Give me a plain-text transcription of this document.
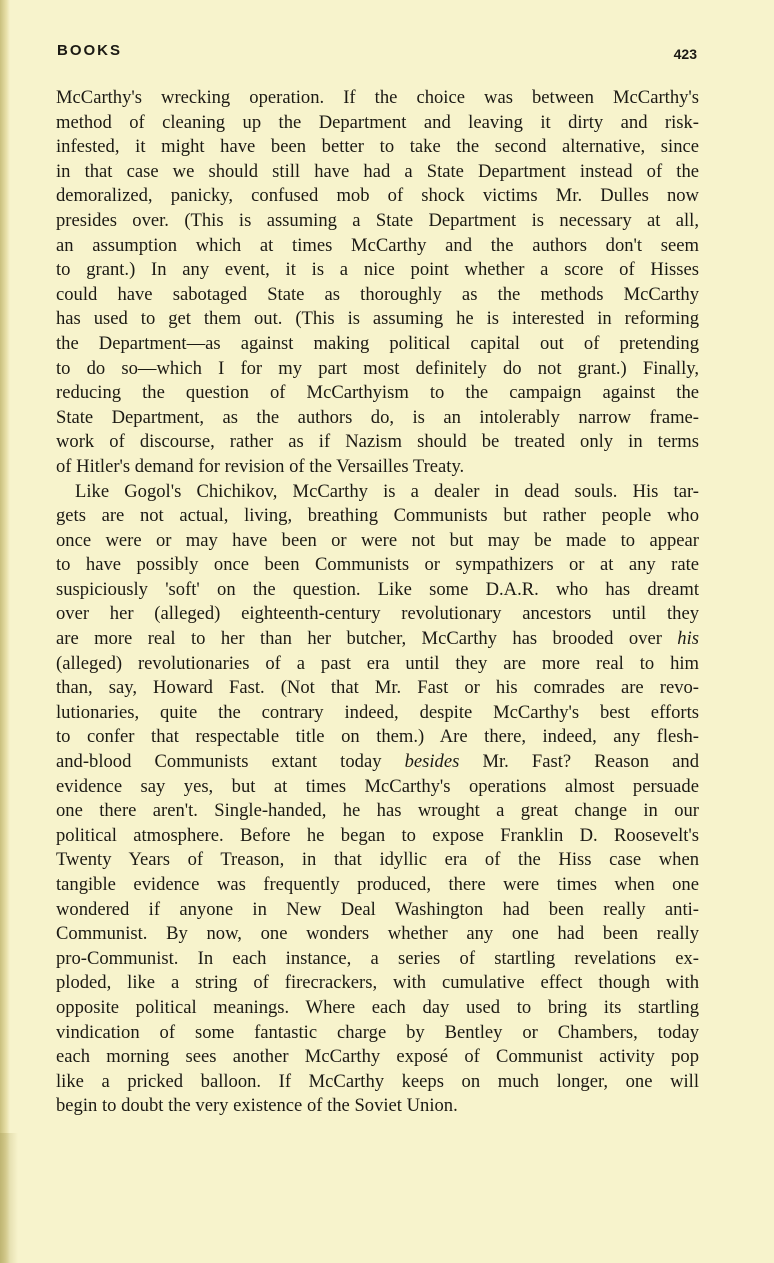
BOOKS	423
McCarthy's wrecking operation. If the choice was between McCarthy's
method of cleaning up the Department and leaving it dirty and risk-
infested, it might have been better to take the second alternative, since
in that case we should still have had a State Department instead of the
demoralized, panicky, confused mob of shock victims Mr. Dulles now
presides over. (This is assuming a State Department is necessary at all,
an assumption which at times McCarthy and the authors don't seem
to grant.) In any event, it is a nice point whether a score of Hisses
could have sabotaged State as thoroughly as the methods McCarthy
has used to get them out. (This is assuming he is interested in reforming
the Department—as against making political capital out of pretending
to do so—which I for my part most definitely do not grant.) Finally,
reducing the question of McCarthyism to the campaign against the
State Department, as the authors do, is an intolerably narrow frame-
work of discourse, rather as if Nazism should be treated only in terms
of Hitler's demand for revision of the Versailles Treaty.
Like Gogol's Chichikov, McCarthy is a dealer in dead souls. His tar-
gets are not actual, living, breathing Communists but rather people who
once were or may have been or were not but may be made to appear
to have possibly once been Communists or sympathizers or at any rate
suspiciously 'soft' on the question. Like some D.A.R. who has dreamt
over her (alleged) eighteenth-century revolutionary ancestors until they
are more real to her than her butcher, McCarthy has brooded over his
(alleged) revolutionaries of a past era until they are more real to him
than, say, Howard Fast. (Not that Mr. Fast or his comrades are revo-
lutionaries, quite the contrary indeed, despite McCarthy's best efforts
to confer that respectable title on them.) Are there, indeed, any flesh-
and-blood Communists extant today besides Mr. Fast? Reason and
evidence say yes, but at times McCarthy's operations almost persuade
one there aren't. Single-handed, he has wrought a great change in our
political atmosphere. Before he began to expose Franklin D. Roosevelt's
Twenty Years of Treason, in that idyllic era of the Hiss case when
tangible evidence was frequently produced, there were times when one
wondered if anyone in New Deal Washington had been really anti-
Communist. By now, one wonders whether any one had been really
pro-Communist. In each instance, a series of startling revelations ex-
ploded, like a string of firecrackers, with cumulative effect though with
opposite political meanings. Where each day used to bring its startling
vindication of some fantastic charge by Bentley or Chambers, today
each morning sees another McCarthy exposé of Communist activity pop
like a pricked balloon. If McCarthy keeps on much longer, one will
begin to doubt the very existence of the Soviet Union.
